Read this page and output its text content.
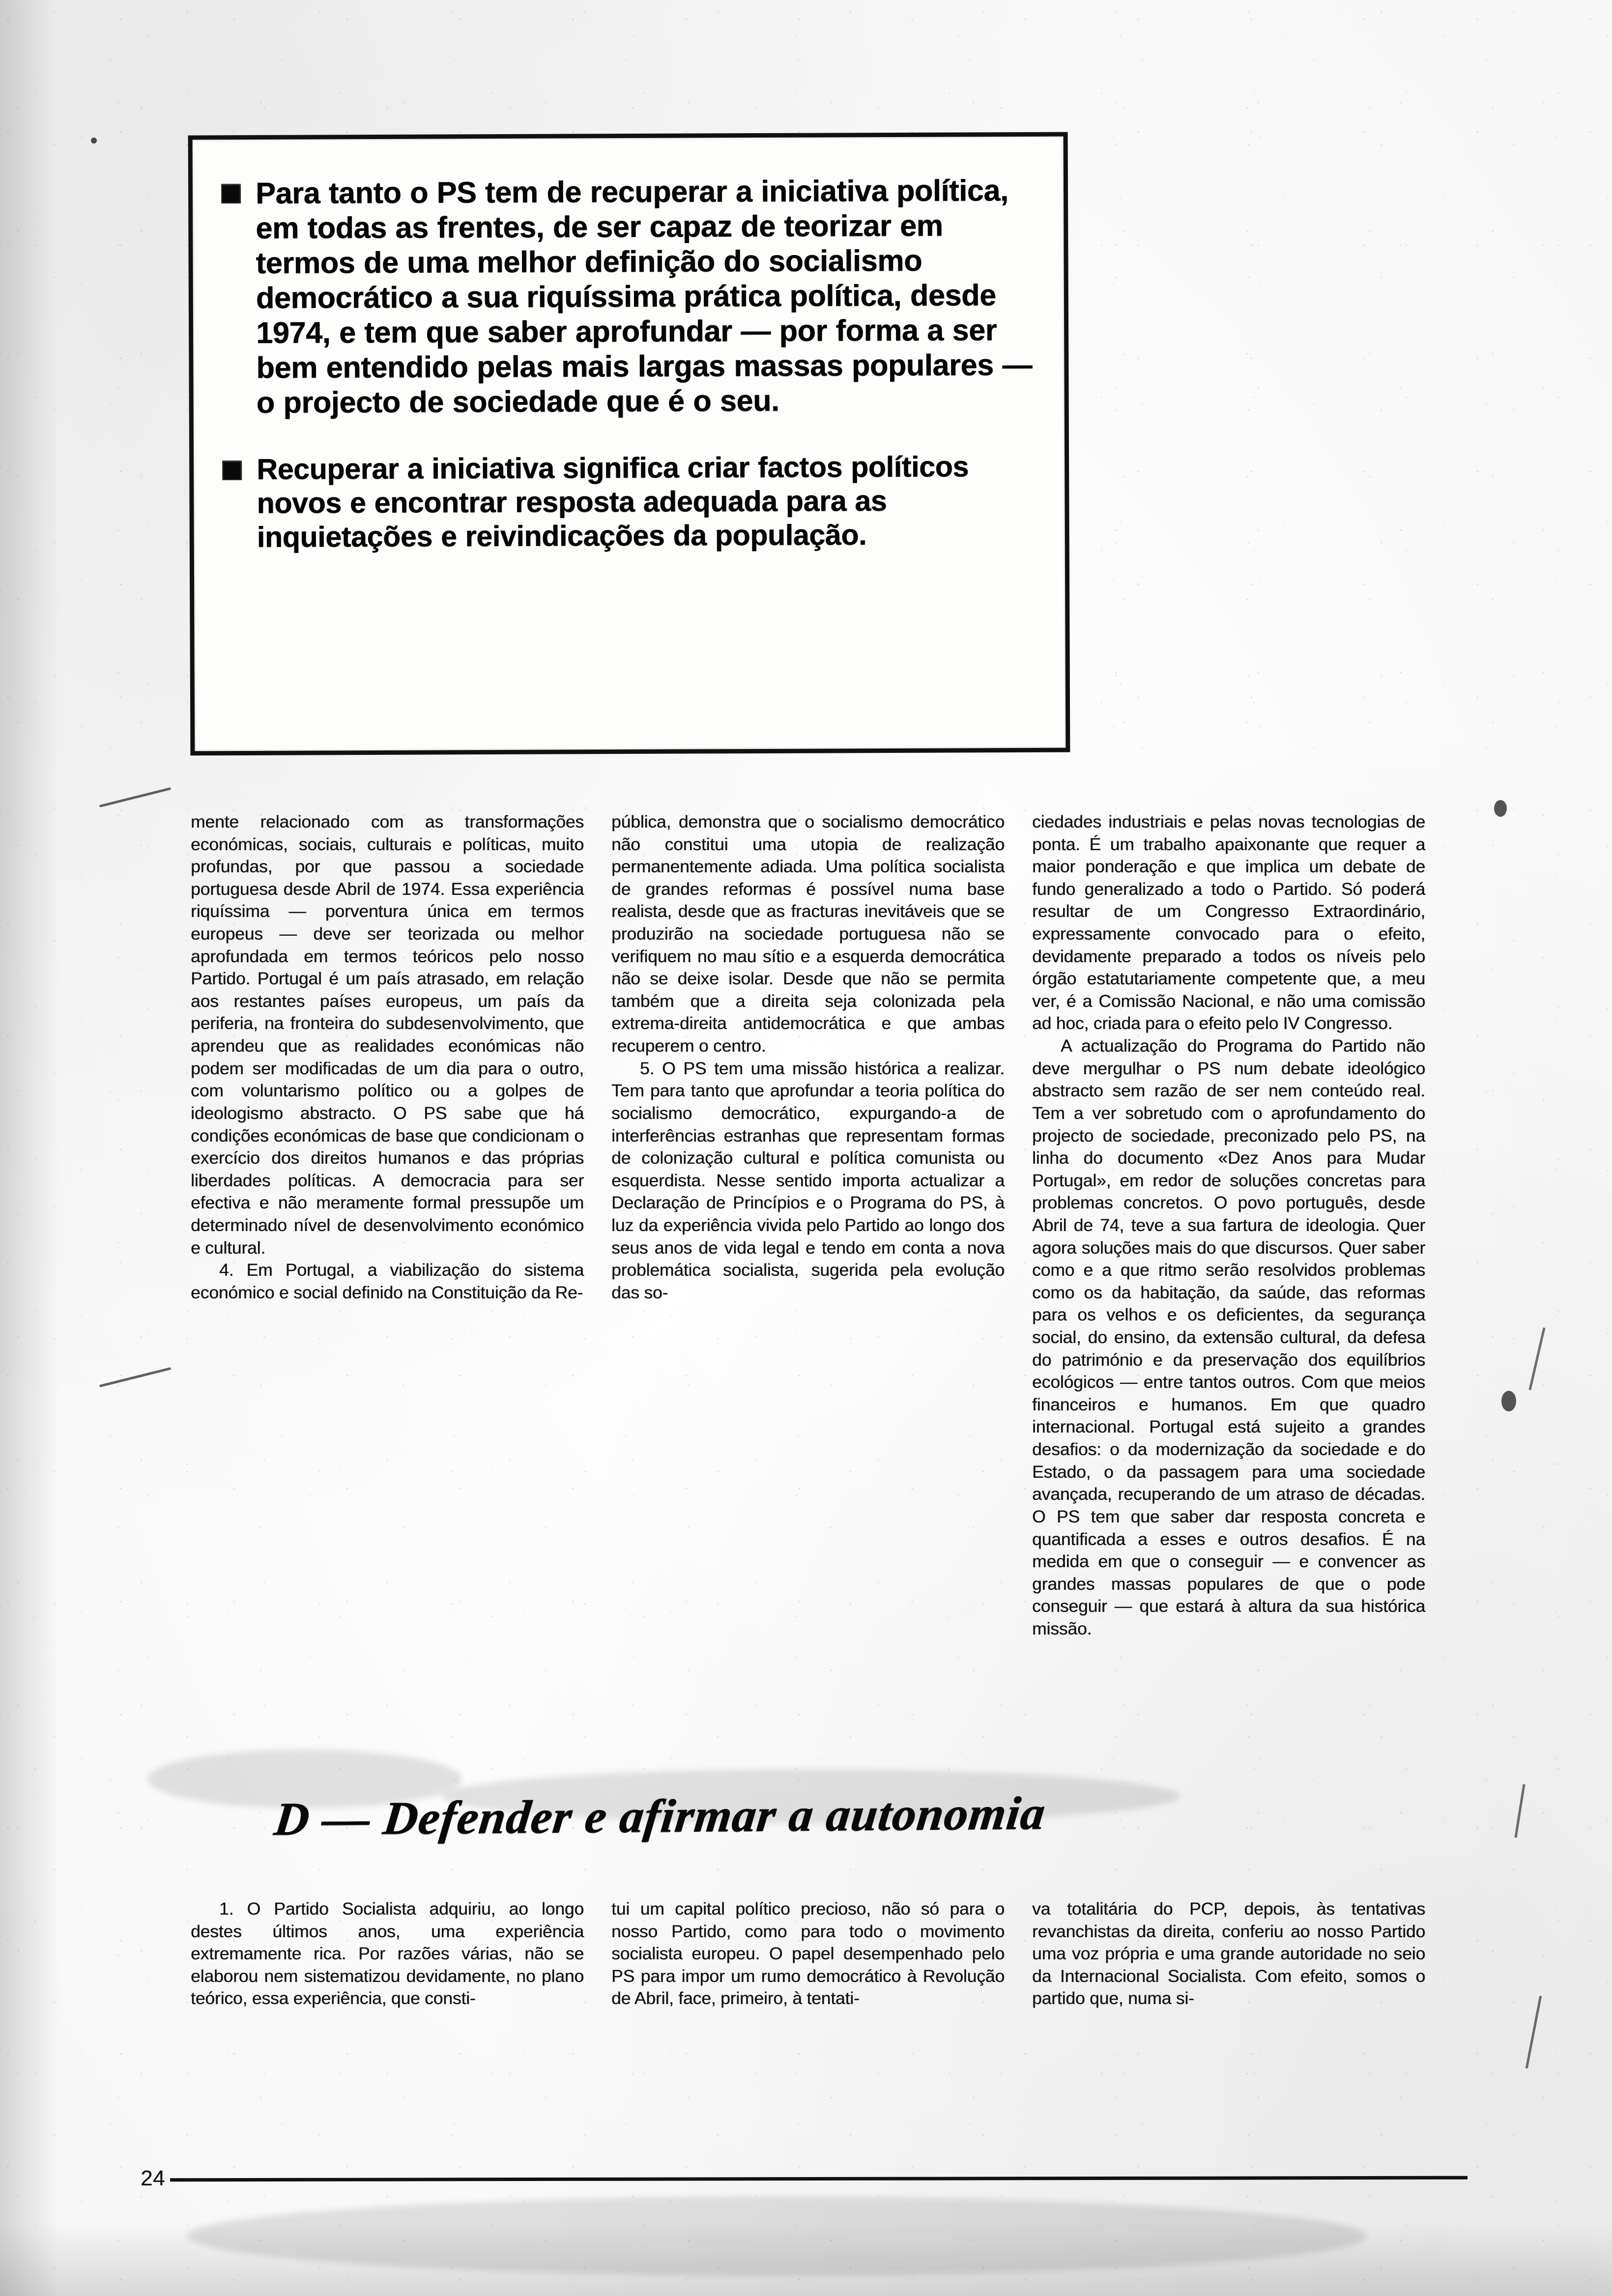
Para tanto o PS tem de recuperar a iniciativa política, em todas as frentes, de ser capaz de teorizar em termos de uma melhor definição do socialismo democrático a sua riquíssima prática política, desde 1974, e tem que saber aprofundar — por forma a ser bem entendido pelas mais largas massas populares — o projecto de sociedade que é o seu.
Recuperar a iniciativa significa criar factos políticos novos e encontrar resposta adequada para as inquietações e reivindicações da população.

mente relacionado com as transformações económicas, sociais, culturais e políticas, muito profundas, por que passou a sociedade portuguesa desde Abril de 1974. Essa experiência riquíssima — porventura única em termos europeus — deve ser teorizada ou melhor aprofundada em termos teóricos pelo nosso Partido. Portugal é um país atrasado, em relação aos restantes países europeus, um país da periferia, na fronteira do subdesenvolvimento, que aprendeu que as realidades económicas não podem ser modificadas de um dia para o outro, com voluntarismo político ou a golpes de ideologismo abstracto. O PS sabe que há condições económicas de base que condicionam o exercício dos direitos humanos e das próprias liberdades políticas. A democracia para ser efectiva e não meramente formal pressupõe um determinado nível de desenvolvimento económico e cultural.

4. Em Portugal, a viabilização do sistema económico e social definido na Constituição da Re-

pública, demonstra que o socialismo democrático não constitui uma utopia de realização permanentemente adiada. Uma política socialista de grandes reformas é possível numa base realista, desde que as fracturas inevitáveis que se produzirão na sociedade portuguesa não se verifiquem no mau sítio e a esquerda democrática não se deixe isolar. Desde que não se permita também que a direita seja colonizada pela extrema-direita antidemocrática e que ambas recuperem o centro.

5. O PS tem uma missão histórica a realizar. Tem para tanto que aprofundar a teoria política do socialismo democrático, expurgando-a de interferências estranhas que representam formas de colonização cultural e política comunista ou esquerdista. Nesse sentido importa actualizar a Declaração de Princípios e o Programa do PS, à luz da experiência vivida pelo Partido ao longo dos seus anos de vida legal e tendo em conta a nova problemática socialista, sugerida pela evolução das so-

ciedades industriais e pelas novas tecnologias de ponta. É um trabalho apaixonante que requer a maior ponderação e que implica um debate de fundo generalizado a todo o Partido. Só poderá resultar de um Congresso Extraordinário, expressamente convocado para o efeito, devidamente preparado a todos os níveis pelo órgão estatutariamente competente que, a meu ver, é a Comissão Nacional, e não uma comissão ad hoc, criada para o efeito pelo IV Congresso.

A actualização do Programa do Partido não deve mergulhar o PS num debate ideológico abstracto sem razão de ser nem conteúdo real. Tem a ver sobretudo com o aprofundamento do projecto de sociedade, preconizado pelo PS, na linha do documento «Dez Anos para Mudar Portugal», em redor de soluções concretas para problemas concretos. O povo português, desde Abril de 74, teve a sua fartura de ideologia. Quer agora soluções mais do que discursos. Quer saber como e a que ritmo serão resolvidos problemas como os da habitação, da saúde, das reformas para os velhos e os deficientes, da segurança social, do ensino, da extensão cultural, da defesa do património e da preservação dos equilíbrios ecológicos — entre tantos outros. Com que meios financeiros e humanos. Em que quadro internacional. Portugal está sujeito a grandes desafios: o da modernização da sociedade e do Estado, o da passagem para uma sociedade avançada, recuperando de um atraso de décadas. O PS tem que saber dar resposta concreta e quantificada a esses e outros desafios. É na medida em que o conseguir — e convencer as grandes massas populares de que o pode conseguir — que estará à altura da sua histórica missão.

D — Defender e afirmar a autonomia

1. O Partido Socialista adquiriu, ao longo destes últimos anos, uma experiência extremamente rica. Por razões várias, não se elaborou nem sistematizou devidamente, no plano teórico, essa experiência, que consti-

tui um capital político precioso, não só para o nosso Partido, como para todo o movimento socialista europeu. O papel desempenhado pelo PS para impor um rumo democrático à Revolução de Abril, face, primeiro, à tentati-

va totalitária do PCP, depois, às tentativas revanchistas da direita, conferiu ao nosso Partido uma voz própria e uma grande autoridade no seio da Internacional Socialista. Com efeito, somos o partido que, numa si-

24
